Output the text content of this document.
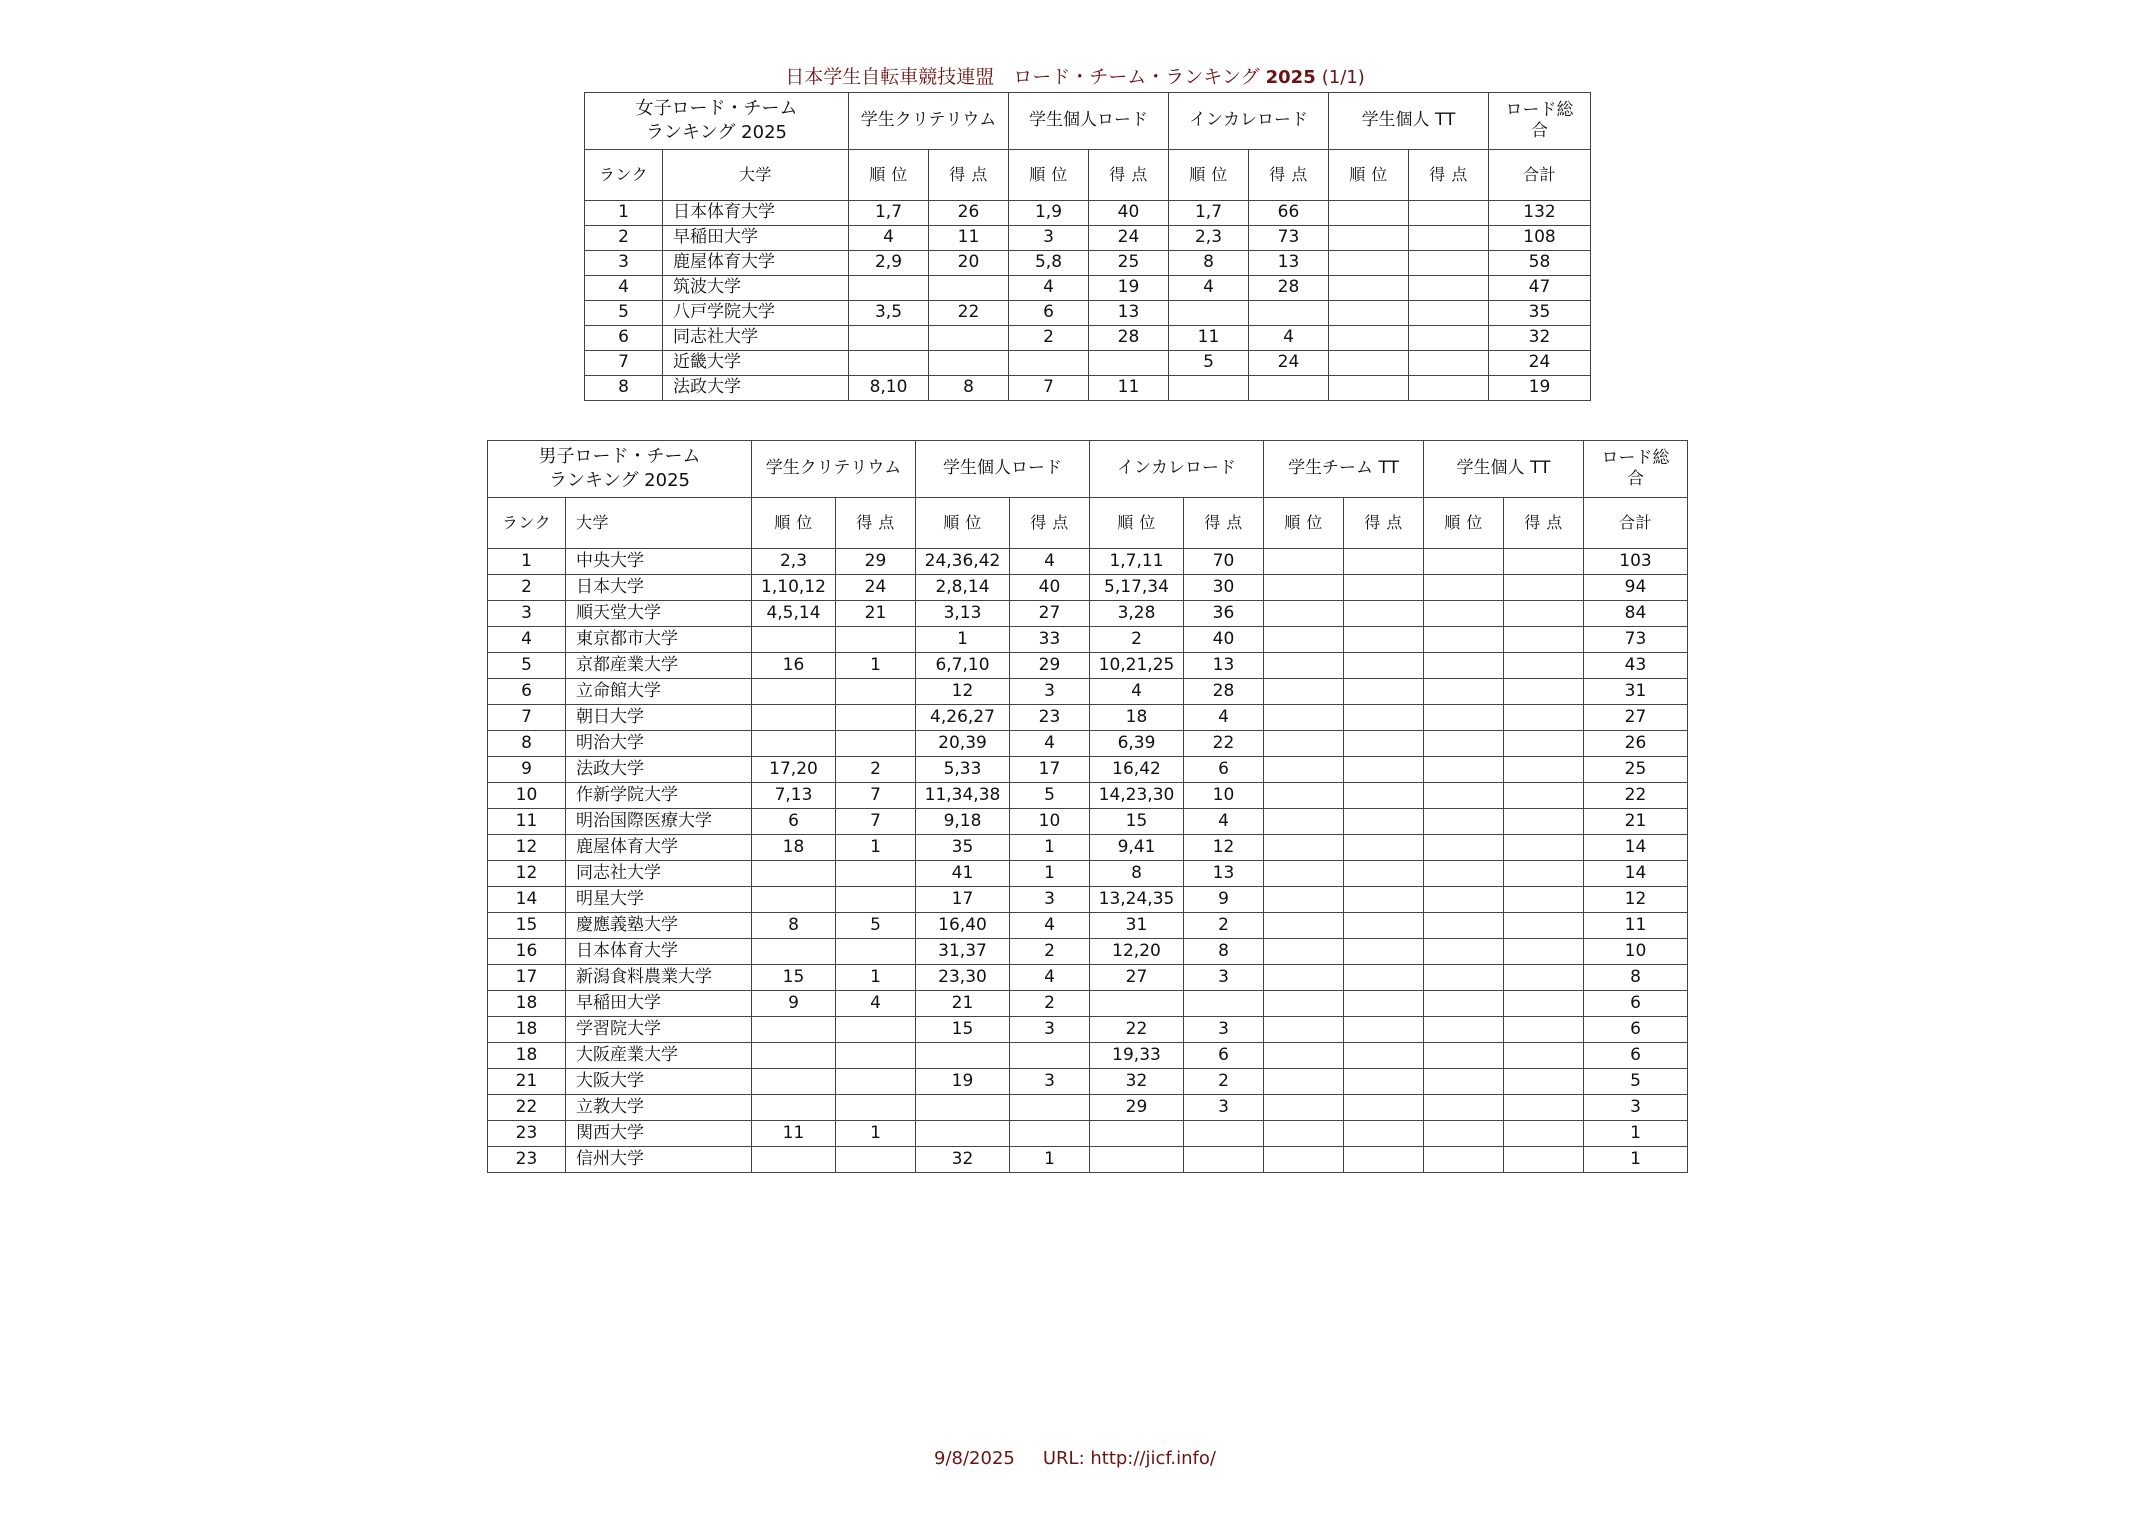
日本学生自転車競技連盟　ロード・チーム・ランキング 2025 (1/1)
女子ロード・チーム
ランキング 2025		学生クリテリウム		学生個人ロード		インカレロード		学生個人 TT		ロード総
合
ランク	大学	順 位	得 点	順 位	得 点	順 位	得 点	順 位	得 点	合計
1	日本体育大学	1,7	26	1,9	40	1,7	66			132
2	早稲田大学	4	11	3	24	2,3	73			108
3	鹿屋体育大学	2,9	20	5,8	25	8	13			58
4	筑波大学			4	19	4	28			47
5	八戸学院大学	3,5	22	6	13					35
6	同志社大学			2	28	11	4			32
7	近畿大学					5	24			24
8	法政大学	8,10	8	7	11					19
男子ロード・チーム
ランキング 2025		学生クリテリウム		学生個人ロード		インカレロード		学生チーム TT		学生個人 TT		ロード総
合
ランク	大学	順 位	得 点	順 位	得 点	順 位	得 点	順 位	得 点	順 位	得 点	合計
1	中央大学	2,3	29	24,36,42	4	1,7,11	70					103
2	日本大学	1,10,12	24	2,8,14	40	5,17,34	30					94
3	順天堂大学	4,5,14	21	3,13	27	3,28	36					84
4	東京都市大学			1	33	2	40					73
5	京都産業大学	16	1	6,7,10	29	10,21,25	13					43
6	立命館大学			12	3	4	28					31
7	朝日大学			4,26,27	23	18	4					27
8	明治大学			20,39	4	6,39	22					26
9	法政大学	17,20	2	5,33	17	16,42	6					25
10	作新学院大学	7,13	7	11,34,38	5	14,23,30	10					22
11	明治国際医療大学	6	7	9,18	10	15	4					21
12	鹿屋体育大学	18	1	35	1	9,41	12					14
12	同志社大学			41	1	8	13					14
14	明星大学			17	3	13,24,35	9					12
15	慶應義塾大学	8	5	16,40	4	31	2					11
16	日本体育大学			31,37	2	12,20	8					10
17	新潟食料農業大学	15	1	23,30	4	27	3					8
18	早稲田大学	9	4	21	2							6
18	学習院大学			15	3	22	3					6
18	大阪産業大学					19,33	6					6
21	大阪大学			19	3	32	2					5
22	立教大学					29	3					3
23	関西大学	11	1									1
23	信州大学			32	1							1
9/8/2025 URL: http://jicf.info/
